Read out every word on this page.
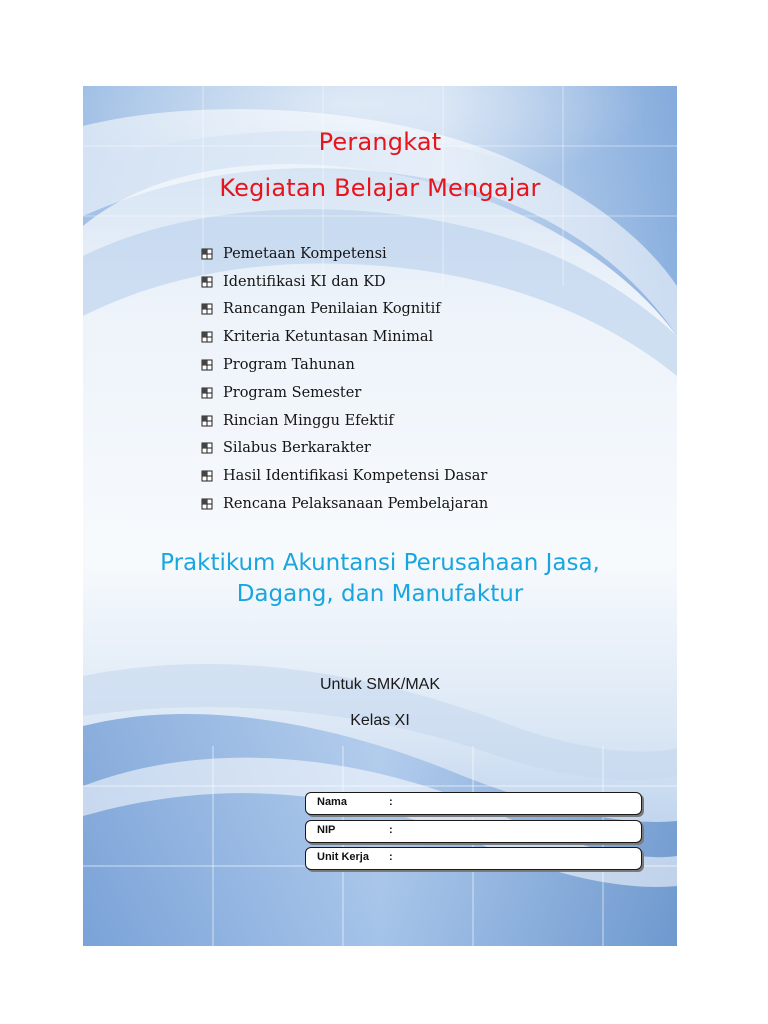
Perangkat
Kegiatan Belajar Mengajar
Pemetaan Kompetensi
Identifikasi KI dan KD
Rancangan Penilaian Kognitif
Kriteria Ketuntasan Minimal
Program Tahunan
Program Semester
Rincian Minggu Efektif
Silabus Berkarakter
Hasil Identifikasi Kompetensi Dasar
Rencana Pelaksanaan Pembelajaran
Praktikum Akuntansi Perusahaan Jasa,
Dagang, dan Manufaktur
Untuk SMK/MAK
Kelas XI
Nama	:
NIP	:
Unit Kerja :
